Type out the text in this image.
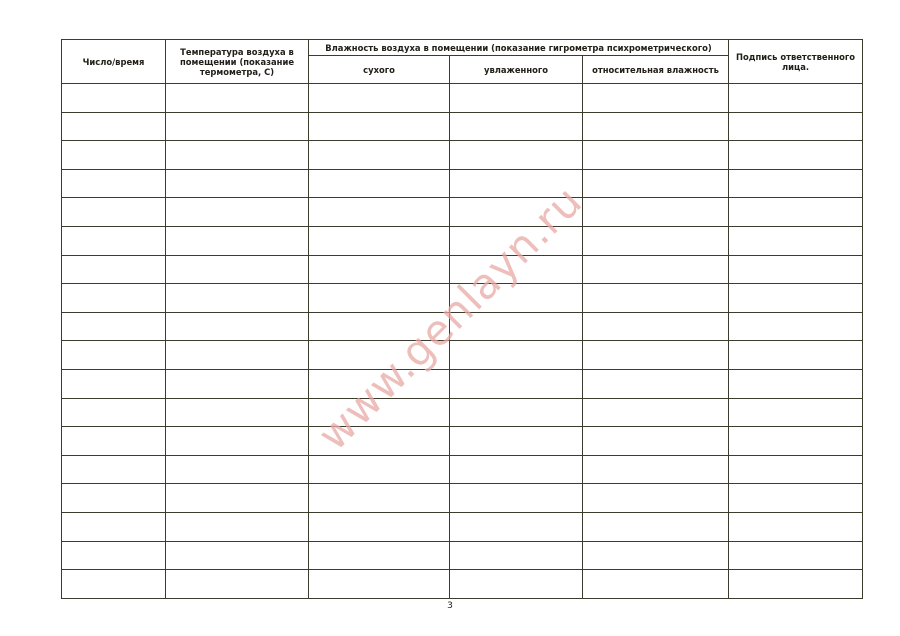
Число/время	Температура воздуха в помещении (показание термометра, С)	Влажность воздуха в помещении (показание гигрометра психрометрического)			Подпись ответственного лица.
		сухого	увлаженного	относительная влажность	

www.genlayn.ru
3
